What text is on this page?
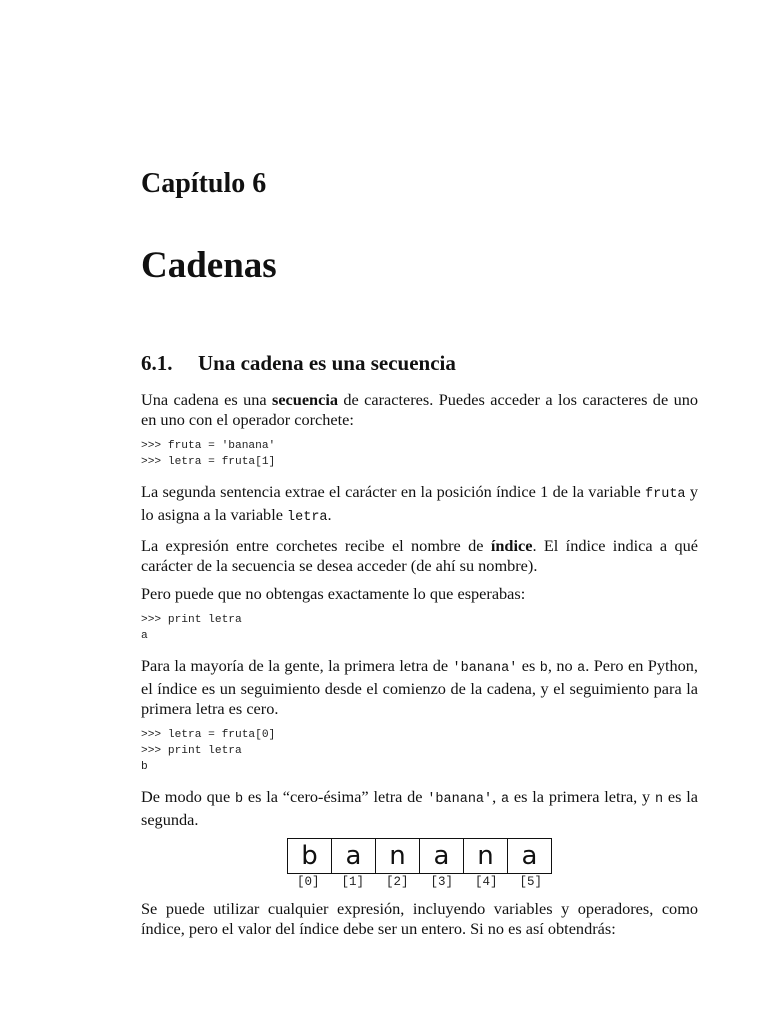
Capítulo 6
Cadenas
6.1. Una cadena es una secuencia

Una cadena es una secuencia de caracteres. Puedes acceder a los caracteres de uno en uno con el operador corchete:

>>> fruta = 'banana'
>>> letra = fruta[1]

La segunda sentencia extrae el carácter en la posición índice 1 de la variable fruta y lo asigna a la variable letra.

La expresión entre corchetes recibe el nombre de índice. El índice indica a qué carácter de la secuencia se desea acceder (de ahí su nombre).

Pero puede que no obtengas exactamente lo que esperabas:

>>> print letra
a

Para la mayoría de la gente, la primera letra de 'banana' es b, no a. Pero en Python, el índice es un seguimiento desde el comienzo de la cadena, y el seguimiento para la primera letra es cero.

>>> letra = fruta[0]
>>> print letra
b

De modo que b es la “cero-ésima” letra de 'banana', a es la primera letra, y n es la segunda.

b	a	n	a	n	a
[0]	[1]	[2]	[3]	[4]	[5]

Se puede utilizar cualquier expresión, incluyendo variables y operadores, como índice, pero el valor del índice debe ser un entero. Si no es así obtendrás:
